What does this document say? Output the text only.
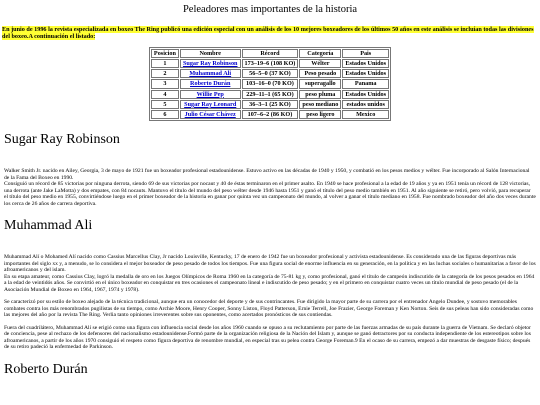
Peleadores mas importantes de la historia
En junio de 1996 la revista especializada en boxeo The Ring publicó una edición especial con un análisis de los 10 mejores boxeadores de los últimos 50 años en este análisis se incluían todas las divisiones del boxeo.A continuación el listado:
Posicion	Nombre	Récord	Categoría	Pais
1	Sugar Ray Robinson	173–19–6 (108 KO)	Wélter	Estados Unidos
2	Muhammad Ali	56–5–0 (37 KO)	Peso pesado	Estados Unidos
3	Roberto Durán	103–16–0 (70 KO)	superagallo	Panama
4	Willie Pep	229–11–1 (65 KO)	peso pluma	Estados Unidos
5	Sugar Ray Leonard	36–3–1 (25 KO)	peso mediano	estados unidos
6	Julio César Chávez	107–6–2 (86 KO)	peso ligero	Mexico
Sugar Ray Robinson

Walker Smith Jr. nacido en Ailey, Georgia, 3 de mayo de 1921 fue un boxeador profesional estadounidense. Estuvo activo en las décadas de 1940 y 1950, y combatió en los pesos medios y wélter. Fue incorporado al Salón Internacional de la Fama del Boxeo en 1990.

Consiguió un récord de 85 victorias por ninguna derrota, siendo 69 de sus victorias por nocaut y 40 de éstas terminaron en el primer asalto. En 1940 se hace profesional a la edad de 19 años y ya en 1951 tenía un récord de 128 victorias, una derrota (ante Jake LaMotta) y dos empates, con 84 nocauts. Mantuvo el título del mundo del peso wélter desde 1946 hasta 1951 y ganó el título del peso medio también en 1951. Al año siguiente se retiró, pero volvió, para recuperar el título del peso medio en 1955, convirtiéndose luego en el primer boxeador de la historia en ganar por quinta vez un campeonato del mundo, al volver a ganar el título mediano en 1958. Fue nombrado boxeador del año dos veces durante los cerca de 26 años de carrera deportiva.

Muhammad Ali

Muhammad Alí o Mohamed Alí nacido como Cassius Marcellus Clay, Jr nacido Louisville, Kentucky, 17 de enero de 1942 fue un boxeador profesional y activista estadounidense. Es considerado una de las figuras deportivas más importantes del siglo xx y, a menudo, se lo considera el mejor boxeador de peso pesado de todos los tiempos. Fue una figura social de enorme influencia en su generación, en la política y en las luchas sociales o humanitarias a favor de los afroamericanos y del islam.

En su etapa amateur, como Cassius Clay, logró la medalla de oro en los Juegos Olímpicos de Roma 1960 en la categoría de 75-81 kg y, como profesional, ganó el título de campeón indiscutido de la categoría de los pesos pesados en 1964 a la edad de veintidós años. Se convirtió en el único boxeador en conquistar en tres ocasiones el campeonato lineal e indiscutido de peso pesado; y en el primero en conquistar cuatro veces un título mundial de peso pesado (el de la Asociación Mundial de Boxeo en 1964, 1967, 1974 y 1978).

Se caracterizó por su estilo de boxeo alejado de la técnica tradicional, aunque era un conocedor del deporte y de sus contrincantes. Fue dirigido la mayor parte de su carrera por el entrenador Angelo Dundee, y sostuvo memorables combates contra los más renombrados pugilistas de su tiempo, como Archie Moore, Henry Cooper, Sonny Liston, Floyd Patterson, Ernie Terrell, Joe Frazier, George Foreman y Ken Norton. Seis de sus peleas han sido consideradas como las mejores del año por la revista The Ring. Verlia tanto opiniones irreverentes sobre sus oponentes, como acertados pronósticos de sus contiendas.

Fuera del cuadrilátero, Muhammad Alí se erigió como una figura con influencia social desde los años 1960 cuando se opuso a su reclutamiento por parte de las fuerzas armadas de su país durante la guerra de Vietnam. Se declaró objetor de conciencia, pese al rechazo de los defensores del nacionalismo estadounidense.Formó parte de la organización religiosa de la Nación del Islam y, aunque se ganó detractores por su conducta independiente de los estereotipos sobre los afroamericanos, a partir de los años 1970 consiguió el respeto como figura deportiva de renombre mundial, en especial tras su pelea contra George Foreman.9 En el ocaso de su carrera, empezó a dar muestras de desgaste físico; después de su retiro padeció la enfermedad de Parkinson.

Roberto Durán
